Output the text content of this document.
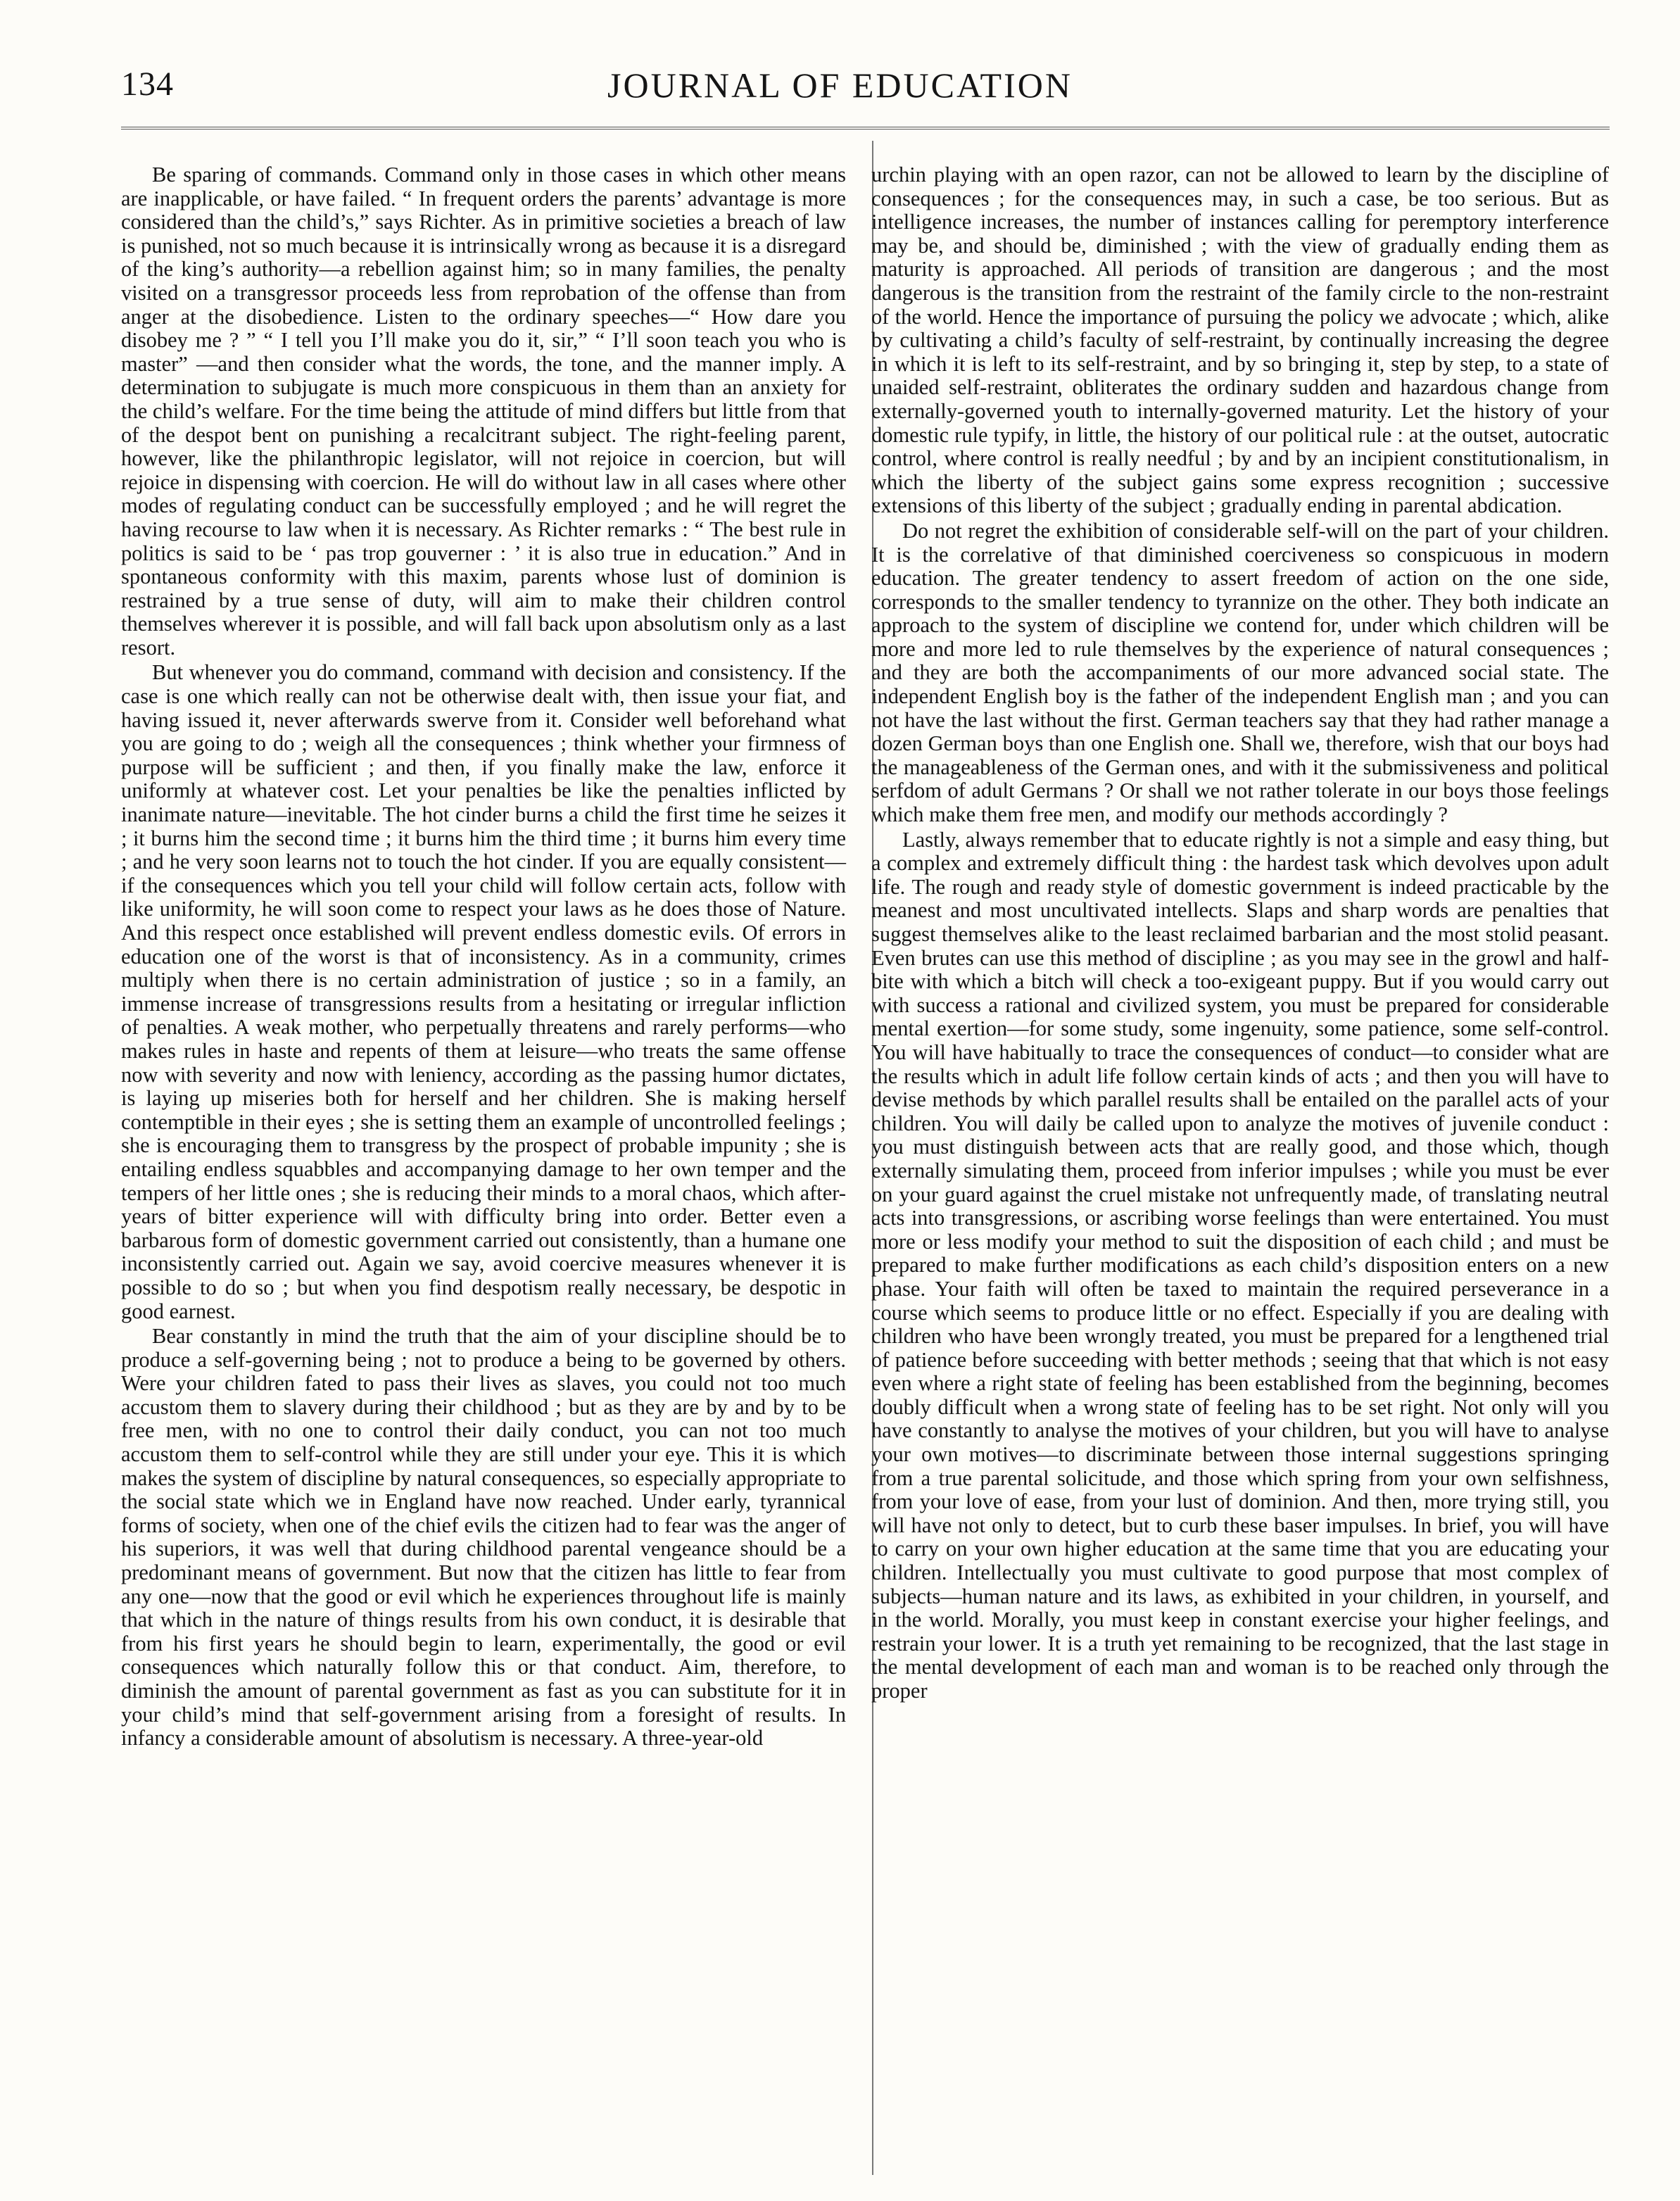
134	JOURNAL OF EDUCATION

Be sparing of commands. Command only in those cases in which other means are inapplicable, or have failed. “ In frequent orders the parents’ advantage is more considered than the child’s,” says Richter. As in primitive societies a breach of law is punished, not so much because it is intrinsically wrong as because it is a disregard of the king’s authority—a rebellion against him; so in many families, the penalty visited on a transgressor proceeds less from reprobation of the offense than from anger at the disobedience. Listen to the ordinary speeches—“ How dare you disobey me ? ” “ I tell you I’ll make you do it, sir,” “ I’ll soon teach you who is master” —and then consider what the words, the tone, and the manner imply. A determination to subjugate is much more conspicuous in them than an anxiety for the child’s welfare. For the time being the attitude of mind differs but little from that of the despot bent on punishing a recalcitrant subject. The right-feeling parent, however, like the philanthropic legislator, will not rejoice in coercion, but will rejoice in dispensing with coercion. He will do without law in all cases where other modes of regulating conduct can be successfully employed ; and he will regret the having recourse to law when it is necessary. As Richter remarks : “ The best rule in politics is said to be ‘ pas trop gouverner : ’ it is also true in education.” And in spontaneous conformity with this maxim, parents whose lust of dominion is restrained by a true sense of duty, will aim to make their children control themselves wherever it is possible, and will fall back upon absolutism only as a last resort.

But whenever you do command, command with decision and consistency. If the case is one which really can not be otherwise dealt with, then issue your fiat, and having issued it, never afterwards swerve from it. Consider well beforehand what you are going to do ; weigh all the consequences ; think whether your firmness of purpose will be sufficient ; and then, if you finally make the law, enforce it uniformly at whatever cost. Let your penalties be like the penalties inflicted by inanimate nature—inevitable. The hot cinder burns a child the first time he seizes it ; it burns him the second time ; it burns him the third time ; it burns him every time ; and he very soon learns not to touch the hot cinder. If you are equally consistent—if the consequences which you tell your child will follow certain acts, follow with like uniformity, he will soon come to respect your laws as he does those of Nature. And this respect once established will prevent endless domestic evils. Of errors in education one of the worst is that of inconsistency. As in a community, crimes multiply when there is no certain administration of justice ; so in a family, an immense increase of transgressions results from a hesitating or irregular infliction of penalties. A weak mother, who perpetually threatens and rarely performs—who makes rules in haste and repents of them at leisure—who treats the same offense now with severity and now with leniency, according as the passing humor dictates, is laying up miseries both for herself and her children. She is making herself contemptible in their eyes ; she is setting them an example of uncontrolled feelings ; she is encouraging them to transgress by the prospect of probable impunity ; she is entailing endless squabbles and accompanying damage to her own temper and the tempers of her little ones ; she is reducing their minds to a moral chaos, which after-years of bitter experience will with difficulty bring into order. Better even a barbarous form of domestic government carried out consistently, than a humane one inconsistently carried out. Again we say, avoid coercive measures whenever it is possible to do so ; but when you find despotism really necessary, be despotic in good earnest.

Bear constantly in mind the truth that the aim of your discipline should be to produce a self-governing being ; not to produce a being to be governed by others. Were your children fated to pass their lives as slaves, you could not too much accustom them to slavery during their childhood ; but as they are by and by to be free men, with no one to control their daily conduct, you can not too much accustom them to self-control while they are still under your eye. This it is which makes the system of discipline by natural consequences, so especially appropriate to the social state which we in England have now reached. Under early, tyrannical forms of society, when one of the chief evils the citizen had to fear was the anger of his superiors, it was well that during childhood parental vengeance should be a predominant means of government. But now that the citizen has little to fear from any one—now that the good or evil which he experiences throughout life is mainly that which in the nature of things results from his own conduct, it is desirable that from his first years he should begin to learn, experimentally, the good or evil consequences which naturally follow this or that conduct. Aim, therefore, to diminish the amount of parental government as fast as you can substitute for it in your child’s mind that self-government arising from a foresight of results. In infancy a considerable amount of absolutism is necessary. A three-year-old

urchin playing with an open razor, can not be allowed to learn by the discipline of consequences ; for the consequences may, in such a case, be too serious. But as intelligence increases, the number of instances calling for peremptory interference may be, and should be, diminished ; with the view of gradually ending them as maturity is approached. All periods of transition are dangerous ; and the most dangerous is the transition from the restraint of the family circle to the non-restraint of the world. Hence the importance of pursuing the policy we advocate ; which, alike by cultivating a child’s faculty of self-restraint, by continually increasing the degree in which it is left to its self-restraint, and by so bringing it, step by step, to a state of unaided self-restraint, obliterates the ordinary sudden and hazardous change from externally-governed youth to internally-governed maturity. Let the history of your domestic rule typify, in little, the history of our political rule : at the outset, autocratic control, where control is really needful ; by and by an incipient constitutionalism, in which the liberty of the subject gains some express recognition ; successive extensions of this liberty of the subject ; gradually ending in parental abdication.

Do not regret the exhibition of considerable self-will on the part of your children. It is the correlative of that diminished coerciveness so conspicuous in modern education. The greater tendency to assert freedom of action on the one side, corresponds to the smaller tendency to tyrannize on the other. They both indicate an approach to the system of discipline we contend for, under which children will be more and more led to rule themselves by the experience of natural consequences ; and they are both the accompaniments of our more advanced social state. The independent English boy is the father of the independent English man ; and you can not have the last without the first. German teachers say that they had rather manage a dozen German boys than one English one. Shall we, therefore, wish that our boys had the manageableness of the German ones, and with it the submissiveness and political serfdom of adult Germans ? Or shall we not rather tolerate in our boys those feelings which make them free men, and modify our methods accordingly ?

Lastly, always remember that to educate rightly is not a simple and easy thing, but a complex and extremely difficult thing : the hardest task which devolves upon adult life. The rough and ready style of domestic government is indeed practicable by the meanest and most uncultivated intellects. Slaps and sharp words are penalties that suggest themselves alike to the least reclaimed barbarian and the most stolid peasant. Even brutes can use this method of discipline ; as you may see in the growl and half-bite with which a bitch will check a too-exigeant puppy. But if you would carry out with success a rational and civilized system, you must be prepared for considerable mental exertion—for some study, some ingenuity, some patience, some self-control. You will have habitually to trace the consequences of conduct—to consider what are the results which in adult life follow certain kinds of acts ; and then you will have to devise methods by which parallel results shall be entailed on the parallel acts of your children. You will daily be called upon to analyze the motives of juvenile conduct : you must distinguish between acts that are really good, and those which, though externally simulating them, proceed from inferior impulses ; while you must be ever on your guard against the cruel mistake not unfrequently made, of translating neutral acts into transgressions, or ascribing worse feelings than were entertained. You must more or less modify your method to suit the disposition of each child ; and must be prepared to make further modifications as each child’s disposition enters on a new phase. Your faith will often be taxed to maintain the required perseverance in a course which seems to produce little or no effect. Especially if you are dealing with children who have been wrongly treated, you must be prepared for a lengthened trial of patience before succeeding with better methods ; seeing that that which is not easy even where a right state of feeling has been established from the beginning, becomes doubly difficult when a wrong state of feeling has to be set right. Not only will you have constantly to analyse the motives of your children, but you will have to analyse your own motives—to discriminate between those internal suggestions springing from a true parental solicitude, and those which spring from your own selfishness, from your love of ease, from your lust of dominion. And then, more trying still, you will have not only to detect, but to curb these baser impulses. In brief, you will have to carry on your own higher education at the same time that you are educating your children. Intellectually you must cultivate to good purpose that most complex of subjects—human nature and its laws, as exhibited in your children, in yourself, and in the world. Morally, you must keep in constant exercise your higher feelings, and restrain your lower. It is a truth yet remaining to be recognized, that the last stage in the mental development of each man and woman is to be reached only through the proper
